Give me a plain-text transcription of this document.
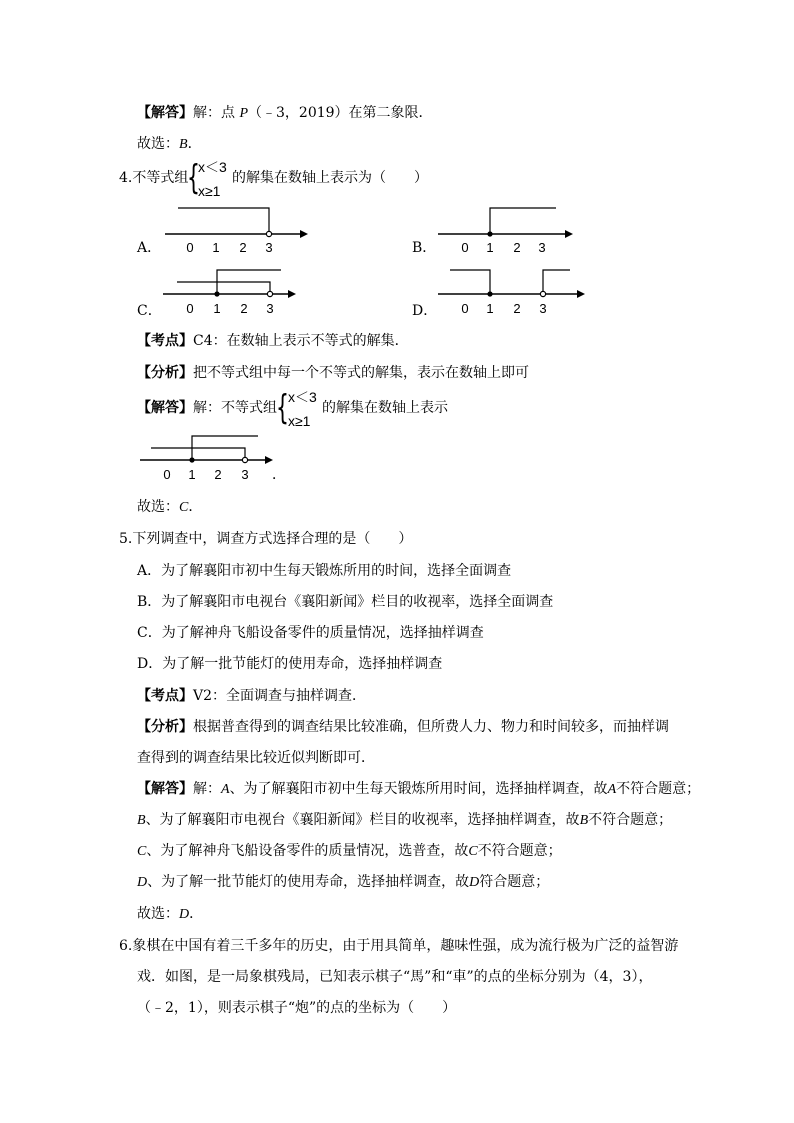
【解答】解：点 P（﹣3，2019）在第二象限．
故选：B．
4.不等式组
{
x＜3
x≥1
的解集在数轴上表示为（　　）
A．	B．
C．	D．
0 1 2 3	0 1 2 3
0 1 2 3	0 1 2 3
【考点】C4：在数轴上表示不等式的解集．
【分析】把不等式组中每一个不等式的解集，表示在数轴上即可
【解答】解：不等式组 { x＜3
x≥1
的解集在数轴上表示
0 1 2 3 ．
故选：C．
5.下列调查中，调查方式选择合理的是（　　）
A．为了解襄阳市初中生每天锻炼所用的时间，选择全面调查
B．为了解襄阳市电视台《襄阳新闻》栏目的收视率，选择全面调查
C．为了解神舟飞船设备零件的质量情况，选择抽样调查
D．为了解一批节能灯的使用寿命，选择抽样调查
【考点】V2：全面调查与抽样调查．
【分析】根据普查得到的调查结果比较准确，但所费人力、物力和时间较多，而抽样调
查得到的调查结果比较近似判断即可．
【解答】解：A、为了解襄阳市初中生每天锻炼所用时间，选择抽样调查，故A不符合题意；
B、为了解襄阳市电视台《襄阳新闻》栏目的收视率，选择抽样调查，故B不符合题意；
C、为了解神舟飞船设备零件的质量情况，选普查，故C不符合题意；
D、为了解一批节能灯的使用寿命，选择抽样调查，故D符合题意；
故选：D．
6.象棋在中国有着三千多年的历史，由于用具简单，趣味性强，成为流行极为广泛的益智游
戏．如图，是一局象棋残局，已知表示棋子“馬”和“車”的点的坐标分别为（4，3），
（﹣2，1），则表示棋子“炮”的点的坐标为（　　）
